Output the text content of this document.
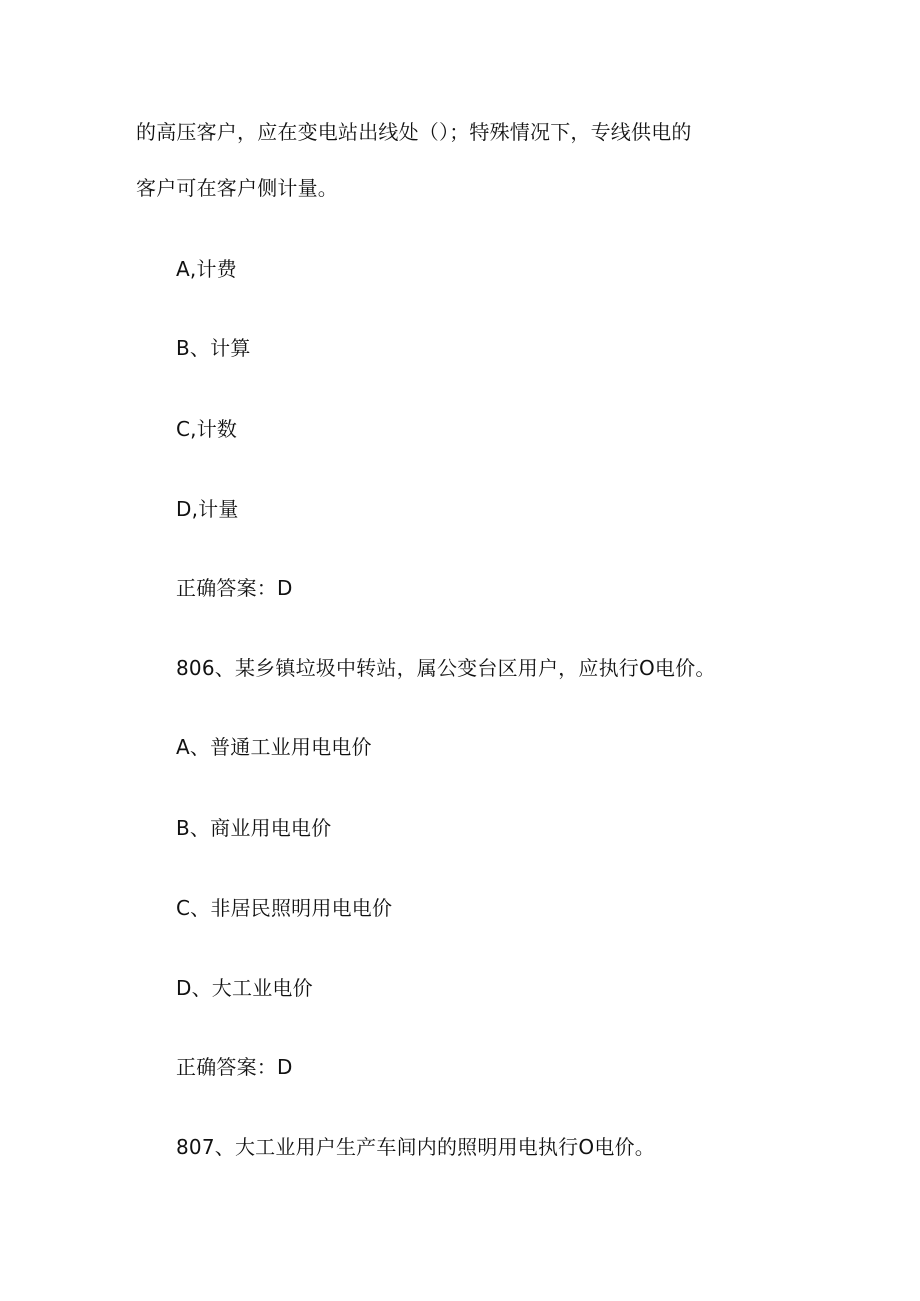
的高压客户，应在变电站出线处（）；特殊情况下，专线供电的
客户可在客户侧计量。
A,计费
B、计算
C,计数
D,计量
正确答案：D
806、某乡镇垃圾中转站，属公变台区用户，应执行O电价。
A、普通工业用电电价
B、商业用电电价
C、非居民照明用电电价
D、大工业电价
正确答案：D
807、大工业用户生产车间内的照明用电执行O电价。
